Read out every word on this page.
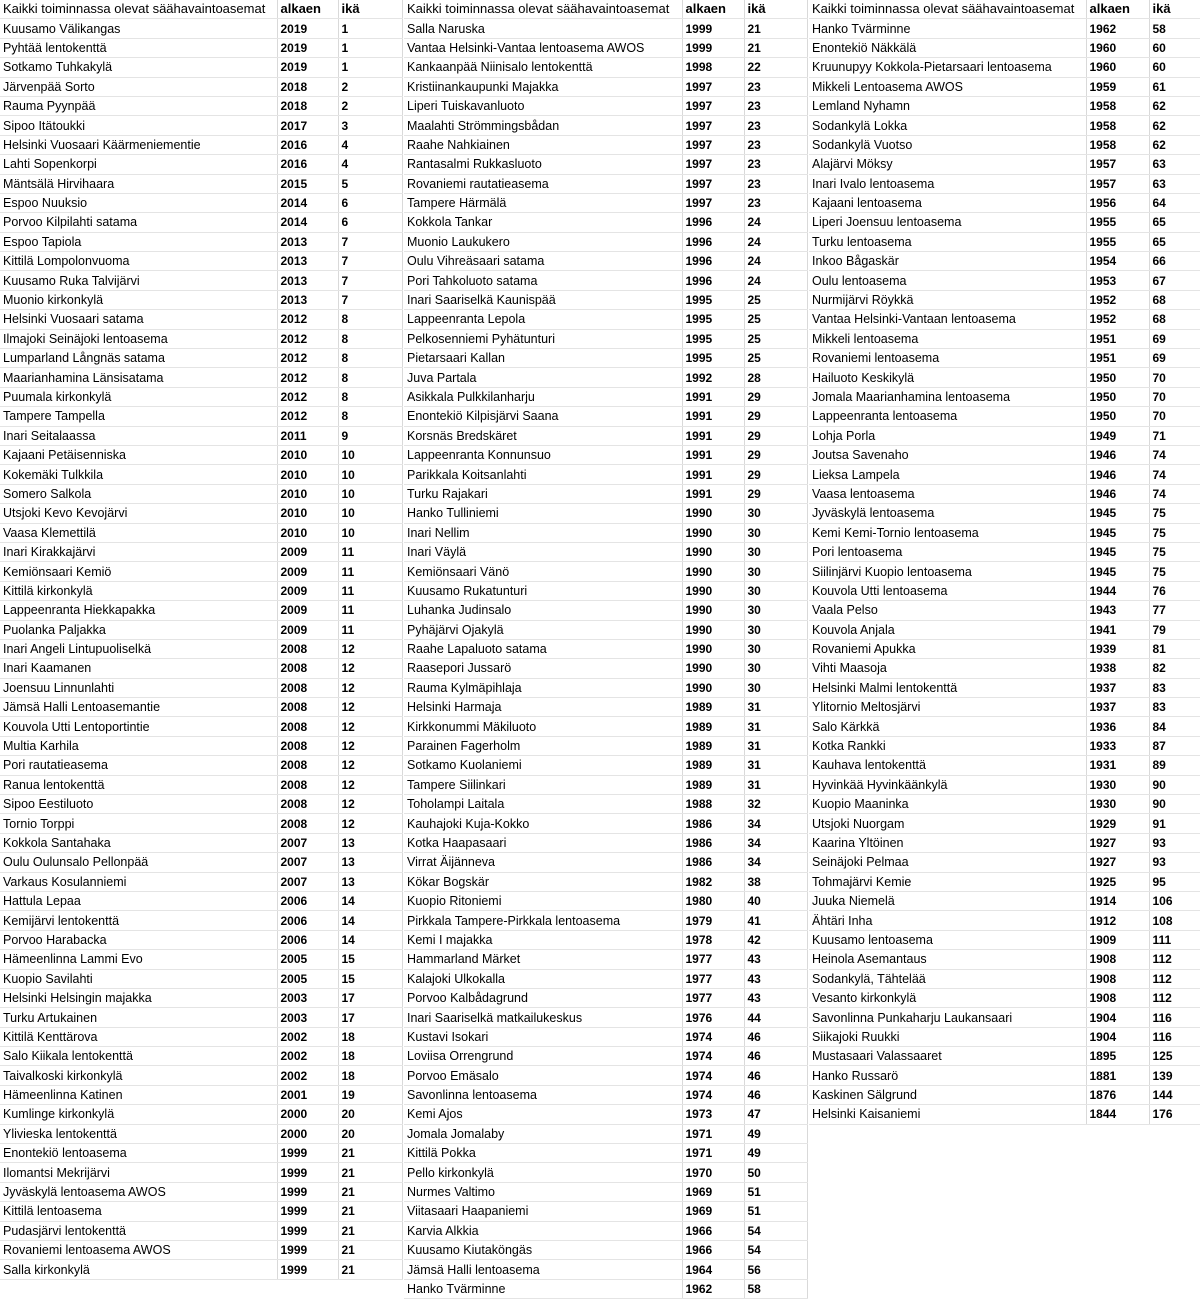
Kaikki toiminnassa olevat säähavaintoasemat	alkaen	ikä
Kuusamo Välikangas	2019	1
Pyhtää lentokenttä	2019	1
Sotkamo Tuhkakylä	2019	1
Järvenpää Sorto	2018	2
Rauma Pyynpää	2018	2
Sipoo Itätoukki	2017	3
Helsinki Vuosaari Käärmeniementie	2016	4
Lahti Sopenkorpi	2016	4
Mäntsälä Hirvihaara	2015	5
Espoo Nuuksio	2014	6
Porvoo Kilpilahti satama	2014	6
Espoo Tapiola	2013	7
Kittilä Lompolonvuoma	2013	7
Kuusamo Ruka Talvijärvi	2013	7
Muonio kirkonkylä	2013	7
Helsinki Vuosaari satama	2012	8
Ilmajoki Seinäjoki lentoasema	2012	8
Lumparland Långnäs satama	2012	8
Maarianhamina Länsisatama	2012	8
Puumala kirkonkylä	2012	8
Tampere Tampella	2012	8
Inari Seitalaassa	2011	9
Kajaani Petäisenniska	2010	10
Kokemäki Tulkkila	2010	10
Somero Salkola	2010	10
Utsjoki Kevo Kevojärvi	2010	10
Vaasa Klemettilä	2010	10
Inari Kirakkajärvi	2009	11
Kemiönsaari Kemiö	2009	11
Kittilä kirkonkylä	2009	11
Lappeenranta Hiekkapakka	2009	11
Puolanka Paljakka	2009	11
Inari Angeli Lintupuoliselkä	2008	12
Inari Kaamanen	2008	12
Joensuu Linnunlahti	2008	12
Jämsä Halli Lentoasemantie	2008	12
Kouvola Utti Lentoportintie	2008	12
Multia Karhila	2008	12
Pori rautatieasema	2008	12
Ranua lentokenttä	2008	12
Sipoo Eestiluoto	2008	12
Tornio Torppi	2008	12
Kokkola Santahaka	2007	13
Oulu Oulunsalo Pellonpää	2007	13
Varkaus Kosulanniemi	2007	13
Hattula Lepaa	2006	14
Kemijärvi lentokenttä	2006	14
Porvoo Harabacka	2006	14
Hämeenlinna Lammi Evo	2005	15
Kuopio Savilahti	2005	15
Helsinki Helsingin majakka	2003	17
Turku Artukainen	2003	17
Kittilä Kenttärova	2002	18
Salo Kiikala lentokenttä	2002	18
Taivalkoski kirkonkylä	2002	18
Hämeenlinna Katinen	2001	19
Kumlinge kirkonkylä	2000	20
Ylivieska lentokenttä	2000	20
Enontekiö lentoasema	1999	21
Ilomantsi Mekrijärvi	1999	21
Jyväskylä lentoasema AWOS	1999	21
Kittilä lentoasema	1999	21
Pudasjärvi lentokenttä	1999	21
Rovaniemi lentoasema AWOS	1999	21
Salla kirkonkylä	1999	21
Kaikki toiminnassa olevat säähavaintoasemat	alkaen	ikä
Salla Naruska	1999	21
Vantaa Helsinki-Vantaa lentoasema AWOS	1999	21
Kankaanpää Niinisalo lentokenttä	1998	22
Kristiinankaupunki Majakka	1997	23
Liperi Tuiskavanluoto	1997	23
Maalahti Strömmingsbådan	1997	23
Raahe Nahkiainen	1997	23
Rantasalmi Rukkasluoto	1997	23
Rovaniemi rautatieasema	1997	23
Tampere Härmälä	1997	23
Kokkola Tankar	1996	24
Muonio Laukukero	1996	24
Oulu Vihreäsaari satama	1996	24
Pori Tahkoluoto satama	1996	24
Inari Saariselkä Kaunispää	1995	25
Lappeenranta Lepola	1995	25
Pelkosenniemi Pyhätunturi	1995	25
Pietarsaari Kallan	1995	25
Juva Partala	1992	28
Asikkala Pulkkilanharju	1991	29
Enontekiö Kilpisjärvi Saana	1991	29
Korsnäs Bredskäret	1991	29
Lappeenranta Konnunsuo	1991	29
Parikkala Koitsanlahti	1991	29
Turku Rajakari	1991	29
Hanko Tulliniemi	1990	30
Inari Nellim	1990	30
Inari Väylä	1990	30
Kemiönsaari Vänö	1990	30
Kuusamo Rukatunturi	1990	30
Luhanka Judinsalo	1990	30
Pyhäjärvi Ojakylä	1990	30
Raahe Lapaluoto satama	1990	30
Raasepori Jussarö	1990	30
Rauma Kylmäpihlaja	1990	30
Helsinki Harmaja	1989	31
Kirkkonummi Mäkiluoto	1989	31
Parainen Fagerholm	1989	31
Sotkamo Kuolaniemi	1989	31
Tampere Siilinkari	1989	31
Toholampi Laitala	1988	32
Kauhajoki Kuja-Kokko	1986	34
Kotka Haapasaari	1986	34
Virrat Äijänneva	1986	34
Kökar Bogskär	1982	38
Kuopio Ritoniemi	1980	40
Pirkkala Tampere-Pirkkala lentoasema	1979	41
Kemi I majakka	1978	42
Hammarland Märket	1977	43
Kalajoki Ulkokalla	1977	43
Porvoo Kalbådagrund	1977	43
Inari Saariselkä matkailukeskus	1976	44
Kustavi Isokari	1974	46
Loviisa Orrengrund	1974	46
Porvoo Emäsalo	1974	46
Savonlinna lentoasema	1974	46
Kemi Ajos	1973	47
Jomala Jomalaby	1971	49
Kittilä Pokka	1971	49
Pello kirkonkylä	1970	50
Nurmes Valtimo	1969	51
Viitasaari Haapaniemi	1969	51
Karvia Alkkia	1966	54
Kuusamo Kiutaköngäs	1966	54
Jämsä Halli lentoasema	1964	56
Hanko Tvärminne	1962	58
Kaikki toiminnassa olevat säähavaintoasemat	alkaen	ikä
Hanko Tvärminne	1962	58
Enontekiö Näkkälä	1960	60
Kruunupyy Kokkola-Pietarsaari lentoasema	1960	60
Mikkeli Lentoasema AWOS	1959	61
Lemland Nyhamn	1958	62
Sodankylä Lokka	1958	62
Sodankylä Vuotso	1958	62
Alajärvi Möksy	1957	63
Inari Ivalo lentoasema	1957	63
Kajaani lentoasema	1956	64
Liperi Joensuu lentoasema	1955	65
Turku lentoasema	1955	65
Inkoo Bågaskär	1954	66
Oulu lentoasema	1953	67
Nurmijärvi Röykkä	1952	68
Vantaa Helsinki-Vantaan lentoasema	1952	68
Mikkeli lentoasema	1951	69
Rovaniemi lentoasema	1951	69
Hailuoto Keskikylä	1950	70
Jomala Maarianhamina lentoasema	1950	70
Lappeenranta lentoasema	1950	70
Lohja Porla	1949	71
Joutsa Savenaho	1946	74
Lieksa Lampela	1946	74
Vaasa lentoasema	1946	74
Jyväskylä lentoasema	1945	75
Kemi Kemi-Tornio lentoasema	1945	75
Pori lentoasema	1945	75
Siilinjärvi Kuopio lentoasema	1945	75
Kouvola Utti lentoasema	1944	76
Vaala Pelso	1943	77
Kouvola Anjala	1941	79
Rovaniemi Apukka	1939	81
Vihti Maasoja	1938	82
Helsinki Malmi lentokenttä	1937	83
Ylitornio Meltosjärvi	1937	83
Salo Kärkkä	1936	84
Kotka Rankki	1933	87
Kauhava lentokenttä	1931	89
Hyvinkää Hyvinkäänkylä	1930	90
Kuopio Maaninka	1930	90
Utsjoki Nuorgam	1929	91
Kaarina Yltöinen	1927	93
Seinäjoki Pelmaa	1927	93
Tohmajärvi Kemie	1925	95
Juuka Niemelä	1914	106
Ähtäri Inha	1912	108
Kuusamo lentoasema	1909	111
Heinola Asemantaus	1908	112
Sodankylä, Tähtelää	1908	112
Vesanto kirkonkylä	1908	112
Savonlinna Punkaharju Laukansaari	1904	116
Siikajoki Ruukki	1904	116
Mustasaari Valassaaret	1895	125
Hanko Russarö	1881	139
Kaskinen Sälgrund	1876	144
Helsinki Kaisaniemi	1844	176
